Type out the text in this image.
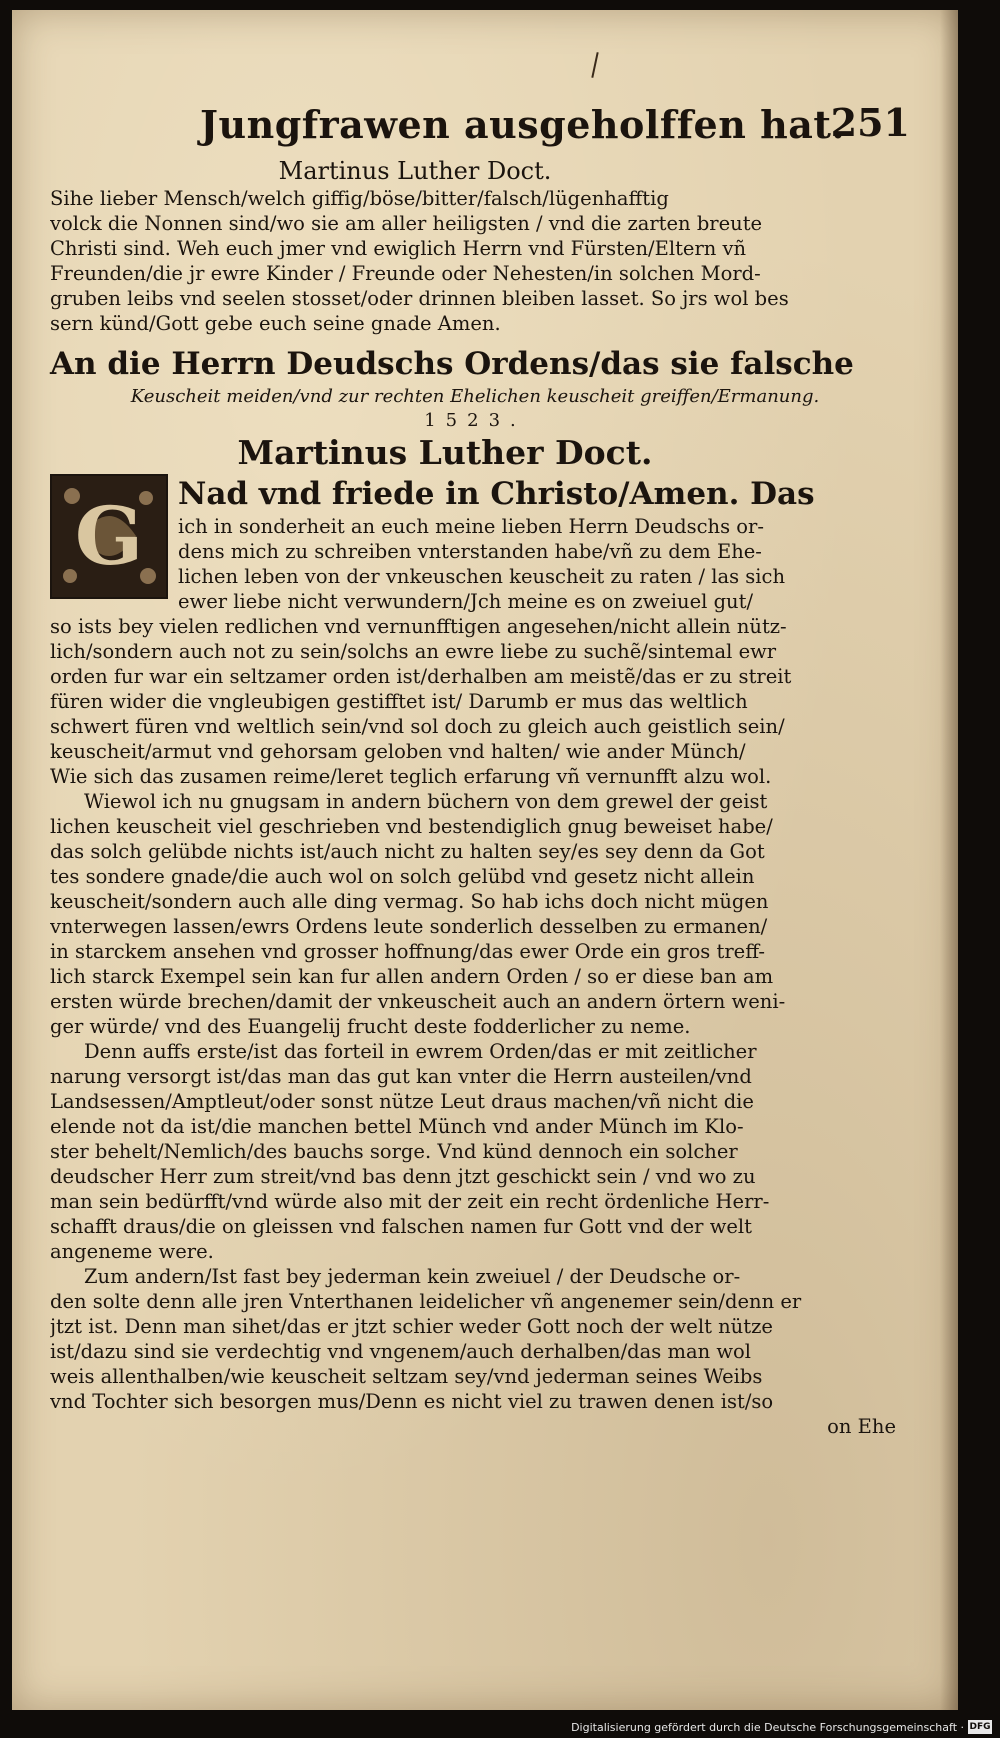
Jungfrawen ausgeholffen hat.
251
Martinus Luther Doct.
Sihe lieber Mensch/welch giffig/böse/bitter/falsch/lügenhafftig
volck die Nonnen sind/wo sie am aller heiligsten / vnd die zarten breute
Christi sind. Weh euch jmer vnd ewiglich Herrn vnd Fürsten/Eltern vñ
Freunden/die jr ewre Kinder / Freunde oder Nehesten/in solchen Mord-
gruben leibs vnd seelen stosset/oder drinnen bleiben lasset. So jrs wol bes
sern künd/Gott gebe euch seine gnade Amen.
An die Herrn Deudschs Ordens/das sie falsche
Keuscheit meiden/vnd zur rechten Ehelichen keuscheit greiffen/Ermanung.
1523.
Martinus Luther Doct.
G	Nad vnd friede in Christo/Amen. Das
ich in sonderheit an euch meine lieben Herrn Deudschs or-
dens mich zu schreiben vnterstanden habe/vñ zu dem Ehe-
lichen leben von der vnkeuschen keuscheit zu raten / las sich
ewer liebe nicht verwundern/Jch meine es on zweiuel gut/
so ists bey vielen redlichen vnd vernunfftigen angesehen/nicht allein nütz-
lich/sondern auch not zu sein/solchs an ewre liebe zu suchẽ/sintemal ewr
orden fur war ein seltzamer orden ist/derhalben am meistẽ/das er zu streit
füren wider die vngleubigen gestifftet ist/ Darumb er mus das weltlich
schwert füren vnd weltlich sein/vnd sol doch zu gleich auch geistlich sein/
keuscheit/armut vnd gehorsam geloben vnd halten/ wie ander Münch/
Wie sich das zusamen reime/leret teglich erfarung vñ vernunfft alzu wol.
Wiewol ich nu gnugsam in andern büchern von dem grewel der geist
lichen keuscheit viel geschrieben vnd bestendiglich gnug beweiset habe/
das solch gelübde nichts ist/auch nicht zu halten sey/es sey denn da Got
tes sondere gnade/die auch wol on solch gelübd vnd gesetz nicht allein
keuscheit/sondern auch alle ding vermag. So hab ichs doch nicht mügen
vnterwegen lassen/ewrs Ordens leute sonderlich desselben zu ermanen/
in starckem ansehen vnd grosser hoffnung/das ewer Orde ein gros treff-
lich starck Exempel sein kan fur allen andern Orden / so er diese ban am
ersten würde brechen/damit der vnkeuscheit auch an andern örtern weni-
ger würde/ vnd des Euangelij frucht deste fodderlicher zu neme.
Denn auffs erste/ist das forteil in ewrem Orden/das er mit zeitlicher
narung versorgt ist/das man das gut kan vnter die Herrn austeilen/vnd
Landsessen/Amptleut/oder sonst nütze Leut draus machen/vñ nicht die
elende not da ist/die manchen bettel Münch vnd ander Münch im Klo-
ster behelt/Nemlich/des bauchs sorge. Vnd künd dennoch ein solcher
deudscher Herr zum streit/vnd bas denn jtzt geschickt sein / vnd wo zu
man sein bedürfft/vnd würde also mit der zeit ein recht ördenliche Herr-
schafft draus/die on gleissen vnd falschen namen fur Gott vnd der welt
angeneme were.
Zum andern/Ist fast bey jederman kein zweiuel / der Deudsche or-
den solte denn alle jren Vnterthanen leidelicher vñ angenemer sein/denn er
jtzt ist. Denn man sihet/das er jtzt schier weder Gott noch der welt nütze
ist/dazu sind sie verdechtig vnd vngenem/auch derhalben/das man wol
weis allenthalben/wie keuscheit seltzam sey/vnd jederman seines Weibs
vnd Tochter sich besorgen mus/Denn es nicht viel zu trawen denen ist/so
on Ehe
Digitalisierung gefördert durch die Deutsche Forschungsgemeinschaft · DFG
